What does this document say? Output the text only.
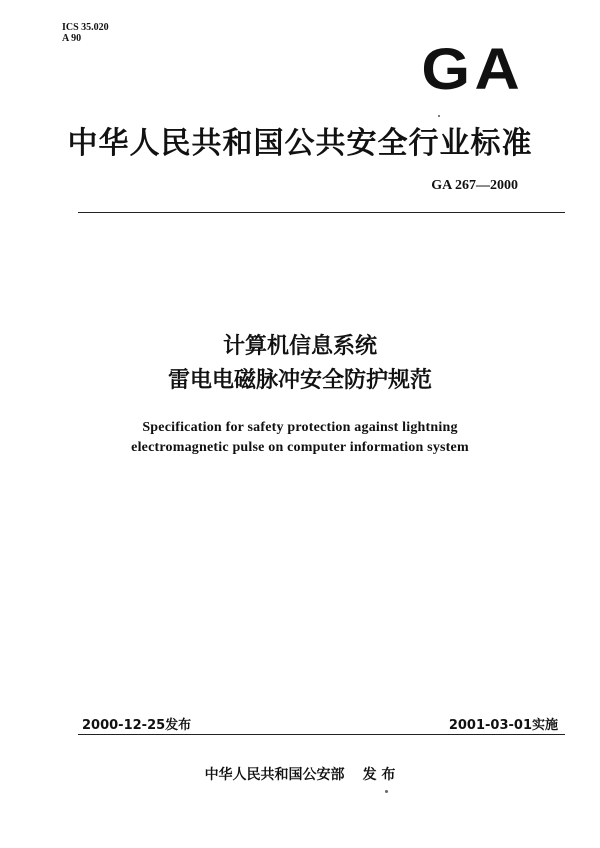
ICS 35.020
A 90	GA
中华人民共和国公共安全行业标准
GA 267—2000
计算机信息系统
雷电电磁脉冲安全防护规范
Specification for safety protection against lightning
electromagnetic pulse on computer information system
2000-12-25发布	2001-03-01实施
中华人民共和国公安部 发 布
